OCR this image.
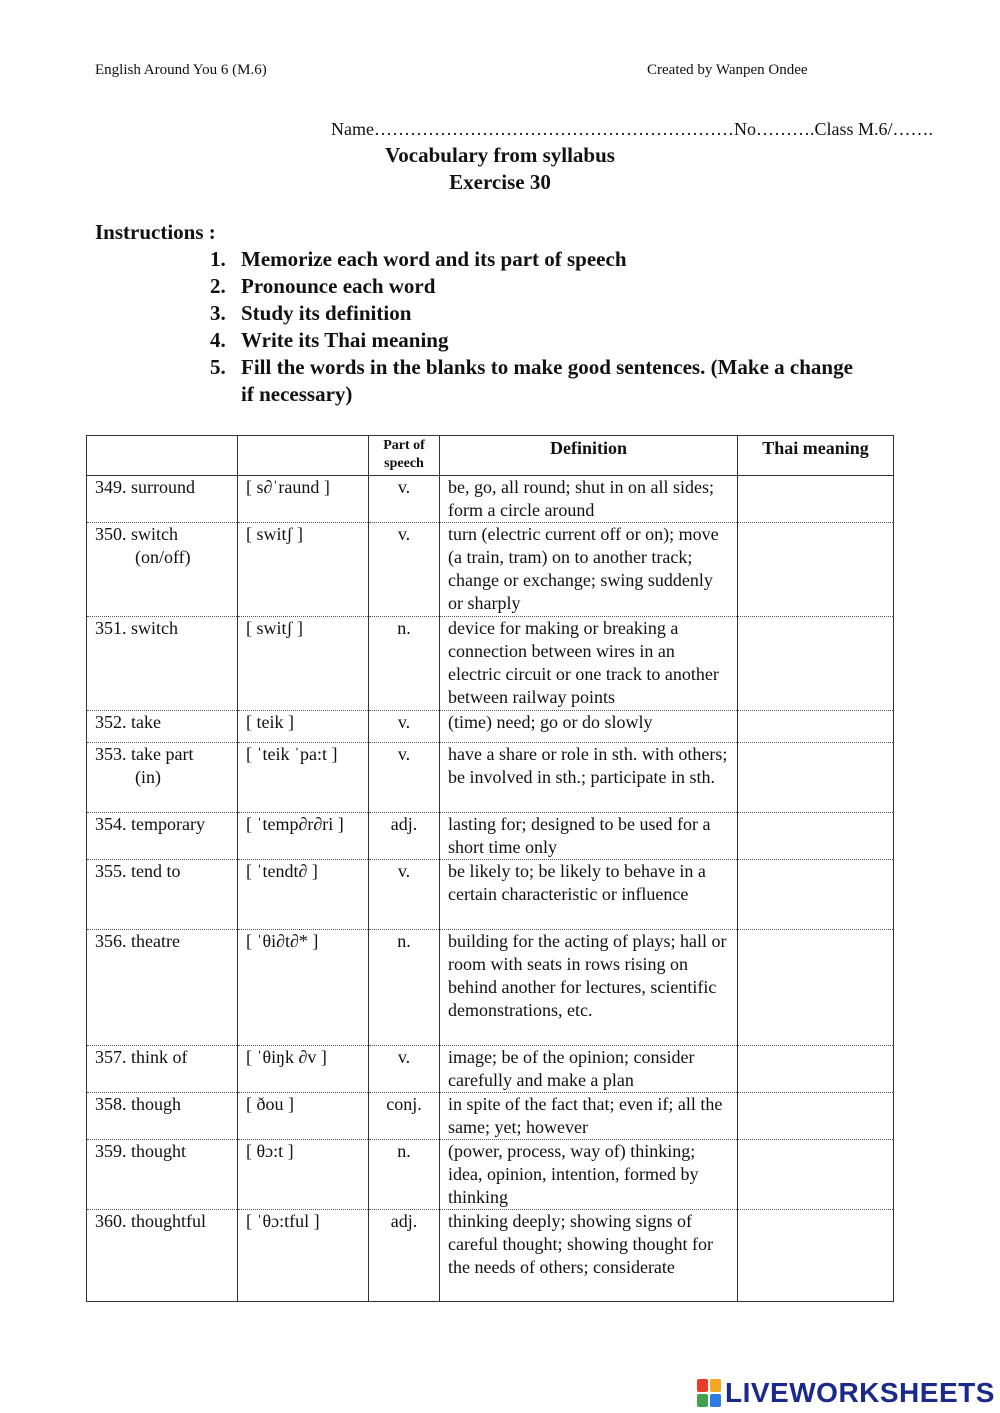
English Around You 6 (M.6)	Created by Wanpen Ondee
Name……………………………………………………No……….Class M.6/…….
Vocabulary from syllabus
Exercise 30
Instructions :
1. Memorize each word and its part of speech
2. Pronounce each word
3. Study its definition
4. Write its Thai meaning
5. Fill the words in the blanks to make good sentences. (Make a change if necessary)
		Part of speech	Definition	Thai meaning
349. surround	[ s∂ˈraund ]	v.	be, go, all round; shut in on all sides; form a circle around	
350. switch
(on/off)	[ switʃ ]	v.	turn (electric current off or on); move (a train, tram) on to another track; change or exchange; swing suddenly or sharply	
351. switch	[ switʃ ]	n.	device for making or breaking a connection between wires in an electric circuit or one track to another between railway points	
352. take	[ teik ]	v.	(time) need; go or do slowly	
353. take part
(in)	[ ˈteik ˈpa:t ]	v.	have a share or role in sth. with others; be involved in sth.; participate in sth.	
354. temporary	[ ˈtemp∂r∂ri ]	adj.	lasting for; designed to be used for a short time only	
355. tend to	[ ˈtendt∂ ]	v.	be likely to; be likely to behave in a certain characteristic or influence	
356. theatre	[ ˈθi∂t∂* ]	n.	building for the acting of plays; hall or room with seats in rows rising on behind another for lectures, scientific demonstrations, etc.	
357. think of	[ ˈθiŋk ∂v ]	v.	image; be of the opinion; consider carefully and make a plan	
358. though	[ ðou ]	conj.	in spite of the fact that; even if; all the same; yet; however	
359. thought	[ θɔ:t ]	n.	(power, process, way of) thinking; idea, opinion, intention, formed by thinking	
360. thoughtful	[ ˈθɔ:tful ]	adj.	thinking deeply; showing signs of careful thought; showing thought for the needs of others; considerate	
LIVEWORKSHEETS
